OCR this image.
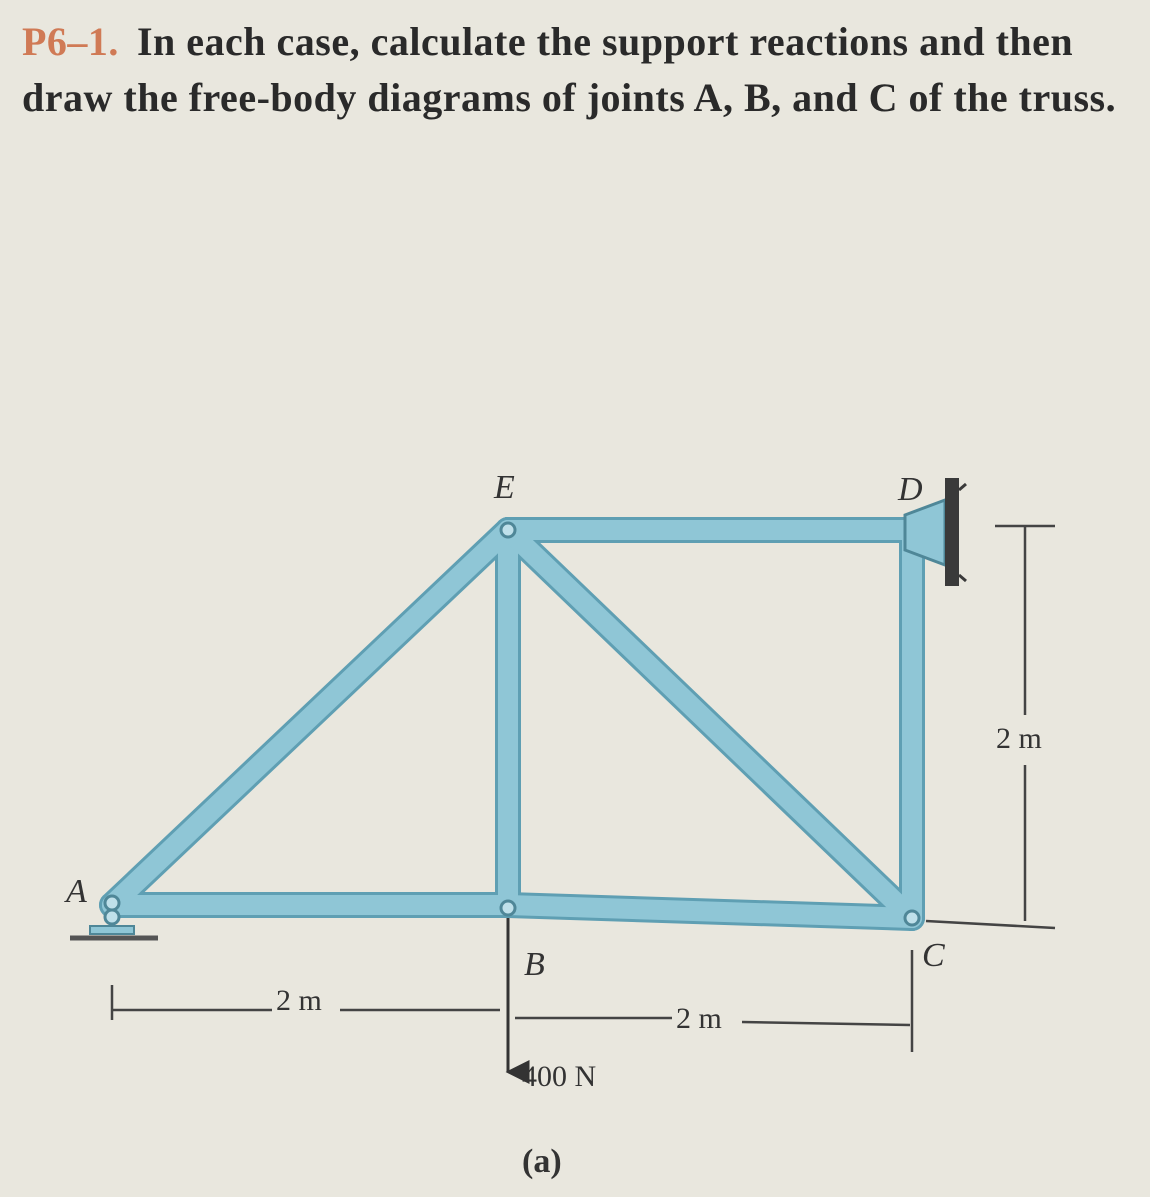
P6–1. In each case, calculate the support reactions and then draw the free-body diagrams of joints A, B, and C of the truss.
A
B	C
D
E
2 m
2 m
2 m
400 N
(a)
